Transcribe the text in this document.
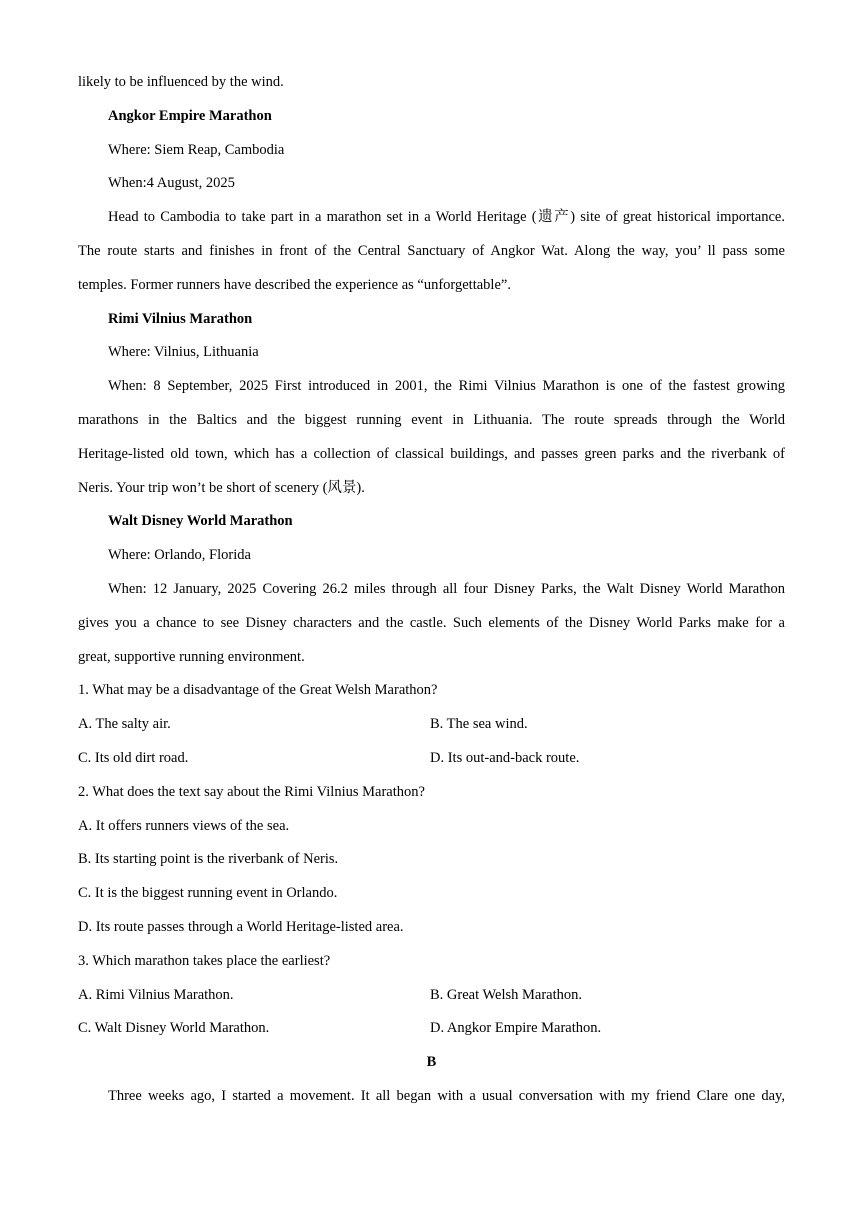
likely to be influenced by the wind.
Angkor Empire Marathon
Where: Siem Reap, Cambodia
When:4 August, 2025
Head to Cambodia to take part in a marathon set in a World Heritage (遗产) site of great historical importance.
The route starts and finishes in front of the Central Sanctuary of Angkor Wat. Along the way, you’ ll pass some
temples. Former runners have described the experience as “unforgettable”.
Rimi Vilnius Marathon
Where: Vilnius, Lithuania
When: 8 September, 2025 First introduced in 2001, the Rimi Vilnius Marathon is one of the fastest growing
marathons in the Baltics and the biggest running event in Lithuania. The route spreads through the World
Heritage-listed old town, which has a collection of classical buildings, and passes green parks and the riverbank of
Neris. Your trip won’t be short of scenery (风景).
Walt Disney World Marathon
Where: Orlando, Florida
When: 12 January, 2025 Covering 26.2 miles through all four Disney Parks, the Walt Disney World Marathon
gives you a chance to see Disney characters and the castle. Such elements of the Disney World Parks make for a
great, supportive running environment.
1. What may be a disadvantage of the Great Welsh Marathon?
A. The salty air.	B. The sea wind.
C. Its old dirt road.	D. Its out-and-back route.
2. What does the text say about the Rimi Vilnius Marathon?
A. It offers runners views of the sea.
B. Its starting point is the riverbank of Neris.
C. It is the biggest running event in Orlando.
D. Its route passes through a World Heritage-listed area.
3. Which marathon takes place the earliest?
A. Rimi Vilnius Marathon.	B. Great Welsh Marathon.
C. Walt Disney World Marathon.	D. Angkor Empire Marathon.
B
Three weeks ago, I started a movement. It all began with a usual conversation with my friend Clare one day,
